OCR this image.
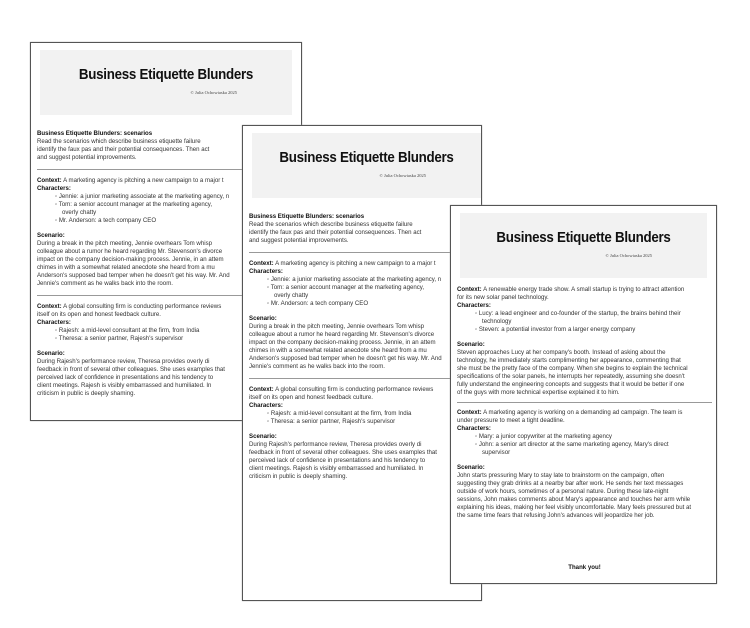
Business Etiquette Blunders
© Julia Ochowiaska 2025
Business Etiquette Blunders: scenarios
Read the scenarios which describe business etiquette failure
identify the faux pas and their potential consequences. Then act
and suggest potential improvements.
Context: A marketing agency is pitching a new campaign to a major t
Characters:
◦ Jennie: a junior marketing associate at the marketing agency, n
◦ Tom: a senior account manager at the marketing agency,
overly chatty
◦ Mr. Anderson: a tech company CEO
Scenario:
During a break in the pitch meeting, Jennie overhears Tom whisp
colleague about a rumor he heard regarding Mr. Stevenson's divorce
impact on the company decision-making process. Jennie, in an attem
chimes in with a somewhat related anecdote she heard from a mu
Anderson's supposed bad temper when he doesn't get his way. Mr. And
Jennie's comment as he walks back into the room.
Context: A global consulting firm is conducting performance reviews
itself on its open and honest feedback culture.
Characters:
◦ Rajesh: a mid-level consultant at the firm, from India
◦ Theresa: a senior partner, Rajesh's supervisor
Scenario:
During Rajesh's performance review, Theresa provides overly di
feedback in front of several other colleagues. She uses examples that
perceived lack of confidence in presentations and his tendency to
client meetings. Rajesh is visibly embarrassed and humiliated. In
criticism in public is deeply shaming.
Business Etiquette Blunders
© Julia Ochowiaska 2025
Business Etiquette Blunders: scenarios
Read the scenarios which describe business etiquette failure
identify the faux pas and their potential consequences. Then act
and suggest potential improvements.
Context: A marketing agency is pitching a new campaign to a major t
Characters:
◦ Jennie: a junior marketing associate at the marketing agency, n
◦ Tom: a senior account manager at the marketing agency,
overly chatty
◦ Mr. Anderson: a tech company CEO
Scenario:
During a break in the pitch meeting, Jennie overhears Tom whisp
colleague about a rumor he heard regarding Mr. Stevenson's divorce
impact on the company decision-making process. Jennie, in an attem
chimes in with a somewhat related anecdote she heard from a mu
Anderson's supposed bad temper when he doesn't get his way. Mr. And
Jennie's comment as he walks back into the room.
Context: A global consulting firm is conducting performance reviews
itself on its open and honest feedback culture.
Characters:
◦ Rajesh: a mid-level consultant at the firm, from India
◦ Theresa: a senior partner, Rajesh's supervisor
Scenario:
During Rajesh's performance review, Theresa provides overly di
feedback in front of several other colleagues. She uses examples that
perceived lack of confidence in presentations and his tendency to
client meetings. Rajesh is visibly embarrassed and humiliated. In
criticism in public is deeply shaming.
Business Etiquette Blunders
© Julia Ochowiaska 2025
Context: A renewable energy trade show. A small startup is trying to attract attention
for its new solar panel technology.
Characters:
◦ Lucy: a lead engineer and co-founder of the startup, the brains behind their
technology
◦ Steven: a potential investor from a larger energy company
Scenario:
Steven approaches Lucy at her company's booth. Instead of asking about the
technology, he immediately starts complimenting her appearance, commenting that
she must be the pretty face of the company. When she begins to explain the technical
specifications of the solar panels, he interrupts her repeatedly, assuming she doesn't
fully understand the engineering concepts and suggests that it would be better if one
of the guys with more technical expertise explained it to him.
Context: A marketing agency is working on a demanding ad campaign. The team is
under pressure to meet a tight deadline.
Characters:
◦ Mary: a junior copywriter at the marketing agency
◦ John: a senior art director at the same marketing agency, Mary's direct
supervisor
Scenario:
John starts pressuring Mary to stay late to brainstorm on the campaign, often
suggesting they grab drinks at a nearby bar after work. He sends her text messages
outside of work hours, sometimes of a personal nature. During these late-night
sessions, John makes comments about Mary's appearance and touches her arm while
explaining his ideas, making her feel visibly uncomfortable. Mary feels pressured but at
the same time fears that refusing John's advances will jeopardize her job.
Thank you!
